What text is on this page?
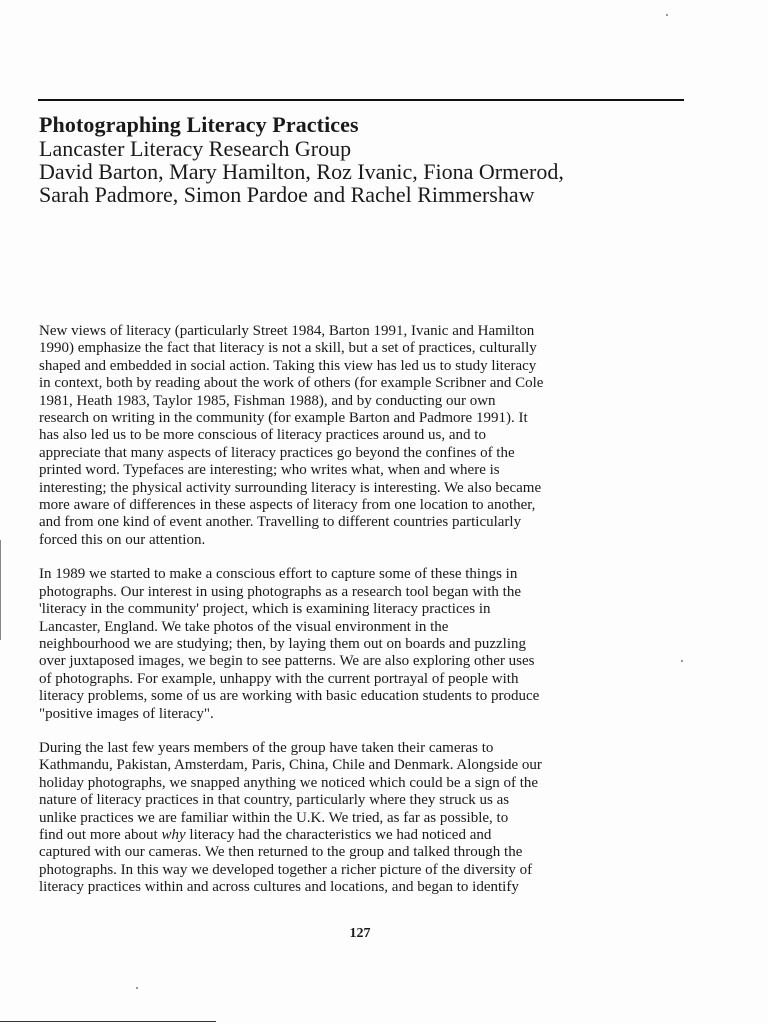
Photographing Literacy Practices
Lancaster Literacy Research Group
David Barton, Mary Hamilton, Roz Ivanic, Fiona Ormerod,
Sarah Padmore, Simon Pardoe and Rachel Rimmershaw

New views of literacy (particularly Street 1984, Barton 1991, Ivanic and Hamilton
1990) emphasize the fact that literacy is not a skill, but a set of practices, culturally
shaped and embedded in social action. Taking this view has led us to study literacy
in context, both by reading about the work of others (for example Scribner and Cole
1981, Heath 1983, Taylor 1985, Fishman 1988), and by conducting our own
research on writing in the community (for example Barton and Padmore 1991). It
has also led us to be more conscious of literacy practices around us, and to
appreciate that many aspects of literacy practices go beyond the confines of the
printed word. Typefaces are interesting; who writes what, when and where is
interesting; the physical activity surrounding literacy is interesting. We also became
more aware of differences in these aspects of literacy from one location to another,
and from one kind of event another. Travelling to different countries particularly
forced this on our attention.

In 1989 we started to make a conscious effort to capture some of these things in
photographs. Our interest in using photographs as a research tool began with the
'literacy in the community' project, which is examining literacy practices in
Lancaster, England. We take photos of the visual environment in the
neighbourhood we are studying; then, by laying them out on boards and puzzling
over juxtaposed images, we begin to see patterns. We are also exploring other uses
of photographs. For example, unhappy with the current portrayal of people with
literacy problems, some of us are working with basic education students to produce
"positive images of literacy".

During the last few years members of the group have taken their cameras to
Kathmandu, Pakistan, Amsterdam, Paris, China, Chile and Denmark. Alongside our
holiday photographs, we snapped anything we noticed which could be a sign of the
nature of literacy practices in that country, particularly where they struck us as
unlike practices we are familiar within the U.K. We tried, as far as possible, to
find out more about why literacy had the characteristics we had noticed and
captured with our cameras. We then returned to the group and talked through the
photographs. In this way we developed together a richer picture of the diversity of
literacy practices within and across cultures and locations, and began to identify

127
